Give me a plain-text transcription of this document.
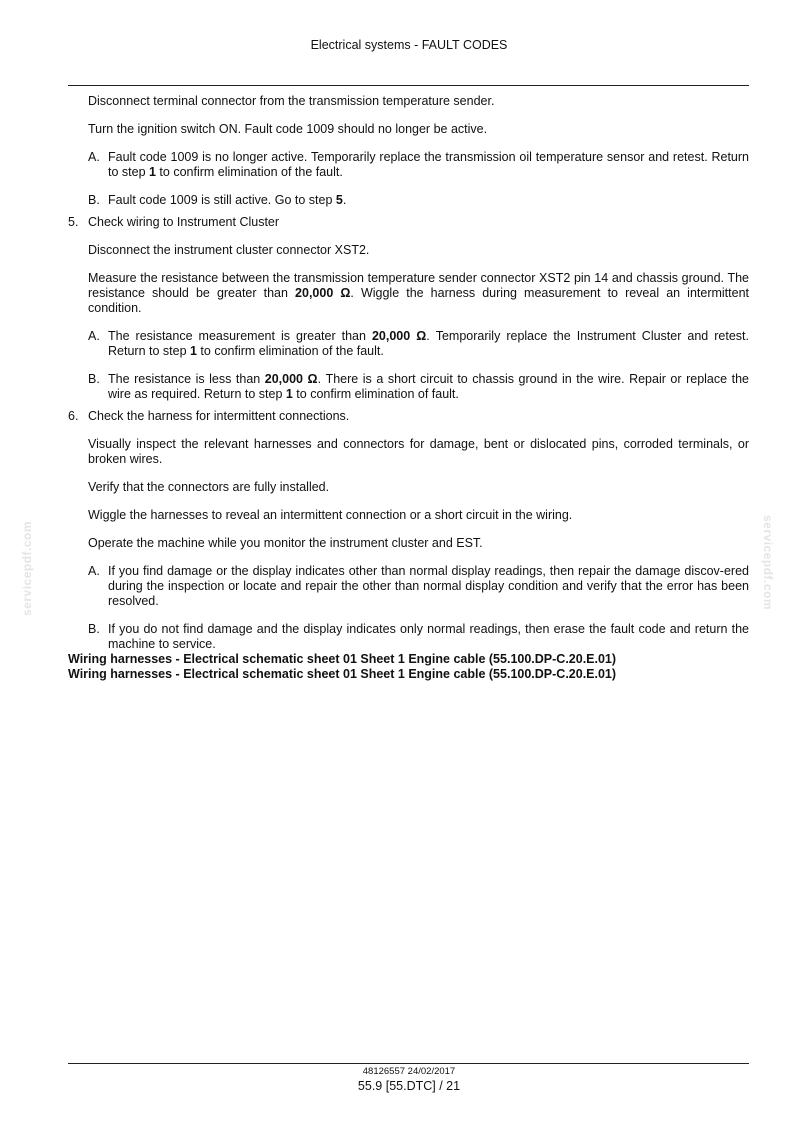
Electrical systems - FAULT CODES
servicepdf.com	servicepdf.com

Disconnect terminal connector from the transmission temperature sender.

Turn the ignition switch ON. Fault code 1009 should no longer be active.

A. Fault code 1009 is no longer active. Temporarily replace the transmission oil temperature sensor and retest. Return to step 1 to confirm elimination of the fault.
B. Fault code 1009 is still active. Go to step 5.
5. Check wiring to Instrument Cluster

Disconnect the instrument cluster connector XST2.

Measure the resistance between the transmission temperature sender connector XST2 pin 14 and chassis ground. The resistance should be greater than 20,000 Ω. Wiggle the harness during measurement to reveal an intermittent condition.

A. The resistance measurement is greater than 20,000 Ω. Temporarily replace the Instrument Cluster and retest. Return to step 1 to confirm elimination of the fault.
B. The resistance is less than 20,000 Ω. There is a short circuit to chassis ground in the wire. Repair or replace the wire as required. Return to step 1 to confirm elimination of fault.
6. Check the harness for intermittent connections.

Visually inspect the relevant harnesses and connectors for damage, bent or dislocated pins, corroded terminals, or broken wires.

Verify that the connectors are fully installed.

Wiggle the harnesses to reveal an intermittent connection or a short circuit in the wiring.

Operate the machine while you monitor the instrument cluster and EST.

A. If you find damage or the display indicates other than normal display readings, then repair the damage discov-ered during the inspection or locate and repair the other than normal display condition and verify that the error has been resolved.
B. If you do not find damage and the display indicates only normal readings, then erase the fault code and return the machine to service.

Wiring harnesses - Electrical schematic sheet 01 Sheet 1 Engine cable (55.100.DP-C.20.E.01)

Wiring harnesses - Electrical schematic sheet 01 Sheet 1 Engine cable (55.100.DP-C.20.E.01)

48126557 24/02/2017
55.9 [55.DTC] / 21
